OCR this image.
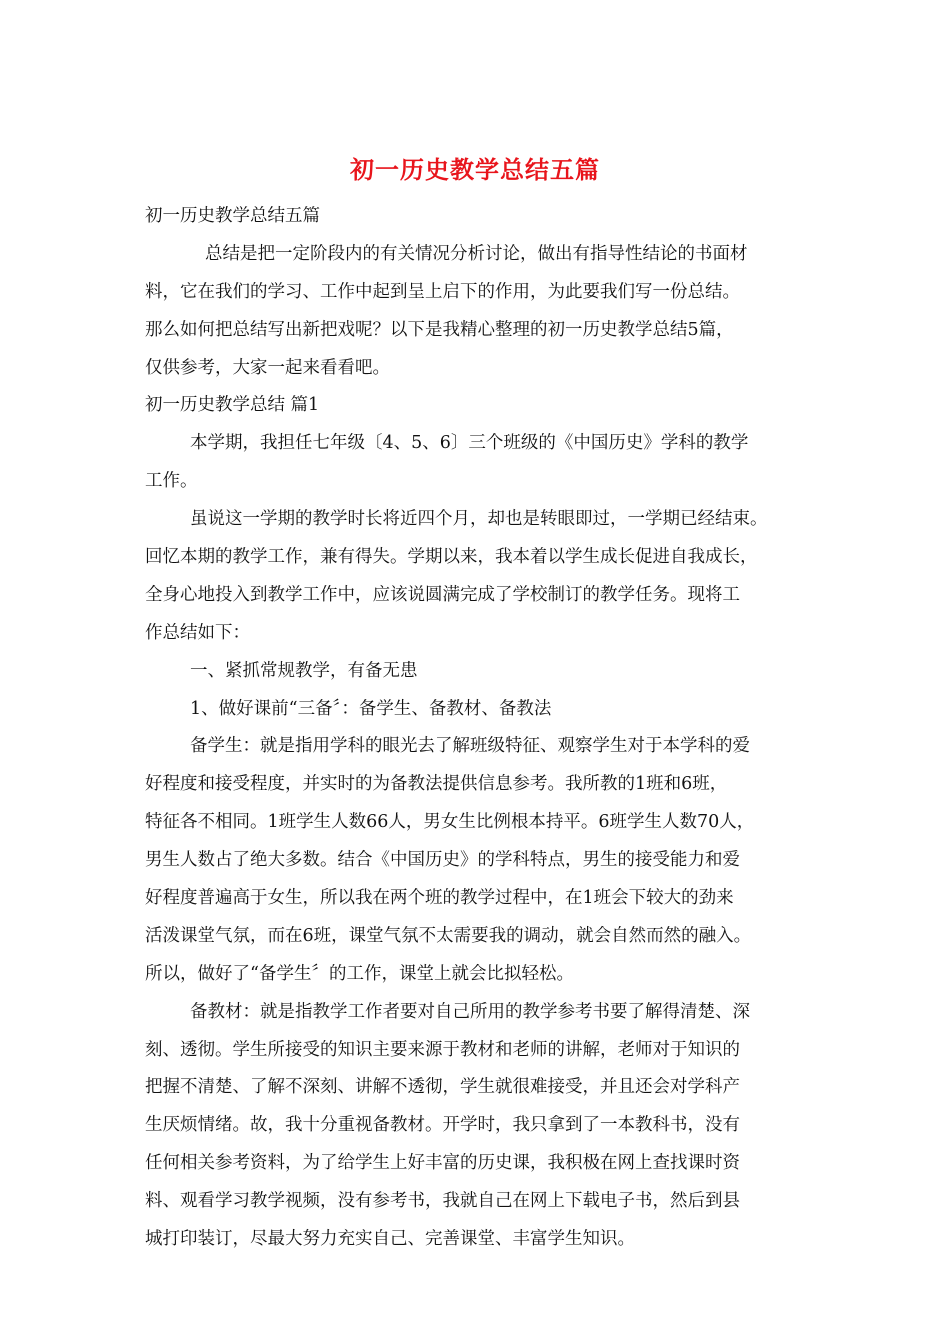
初一历史教学总结五篇
初一历史教学总结五篇
总结是把一定阶段内的有关情况分析讨论，做出有指导性结论的书面材
料，它在我们的学习、工作中起到呈上启下的作用，为此要我们写一份总结。
那么如何把总结写出新把戏呢？以下是我精心整理的初一历史教学总结5篇，
仅供参考，大家一起来看看吧。
初一历史教学总结 篇1
本学期，我担任七年级〔4、5、6〕三个班级的《中国历史》学科的教学
工作。
虽说这一学期的教学时长将近四个月，却也是转眼即过，一学期已经结束。
回忆本期的教学工作，兼有得失。学期以来，我本着以学生成长促进自我成长，
全身心地投入到教学工作中，应该说圆满完成了学校制订的教学任务。现将工
作总结如下：
一、紧抓常规教学，有备无患
1、做好课前“三备〞：备学生、备教材、备教法
备学生：就是指用学科的眼光去了解班级特征、观察学生对于本学科的爱
好程度和接受程度，并实时的为备教法提供信息参考。我所教的1班和6班，
特征各不相同。1班学生人数66人，男女生比例根本持平。6班学生人数70人，
男生人数占了绝大多数。结合《中国历史》的学科特点，男生的接受能力和爱
好程度普遍高于女生，所以我在两个班的教学过程中，在1班会下较大的劲来
活泼课堂气氛，而在6班，课堂气氛不太需要我的调动，就会自然而然的融入。
所以，做好了“备学生〞的工作，课堂上就会比拟轻松。
备教材：就是指教学工作者要对自己所用的教学参考书要了解得清楚、深
刻、透彻。学生所接受的知识主要来源于教材和老师的讲解，老师对于知识的
把握不清楚、了解不深刻、讲解不透彻，学生就很难接受，并且还会对学科产
生厌烦情绪。故，我十分重视备教材。开学时，我只拿到了一本教科书，没有
任何相关参考资料，为了给学生上好丰富的历史课，我积极在网上查找课时资
料、观看学习教学视频，没有参考书，我就自己在网上下载电子书，然后到县
城打印装订，尽最大努力充实自己、完善课堂、丰富学生知识。
